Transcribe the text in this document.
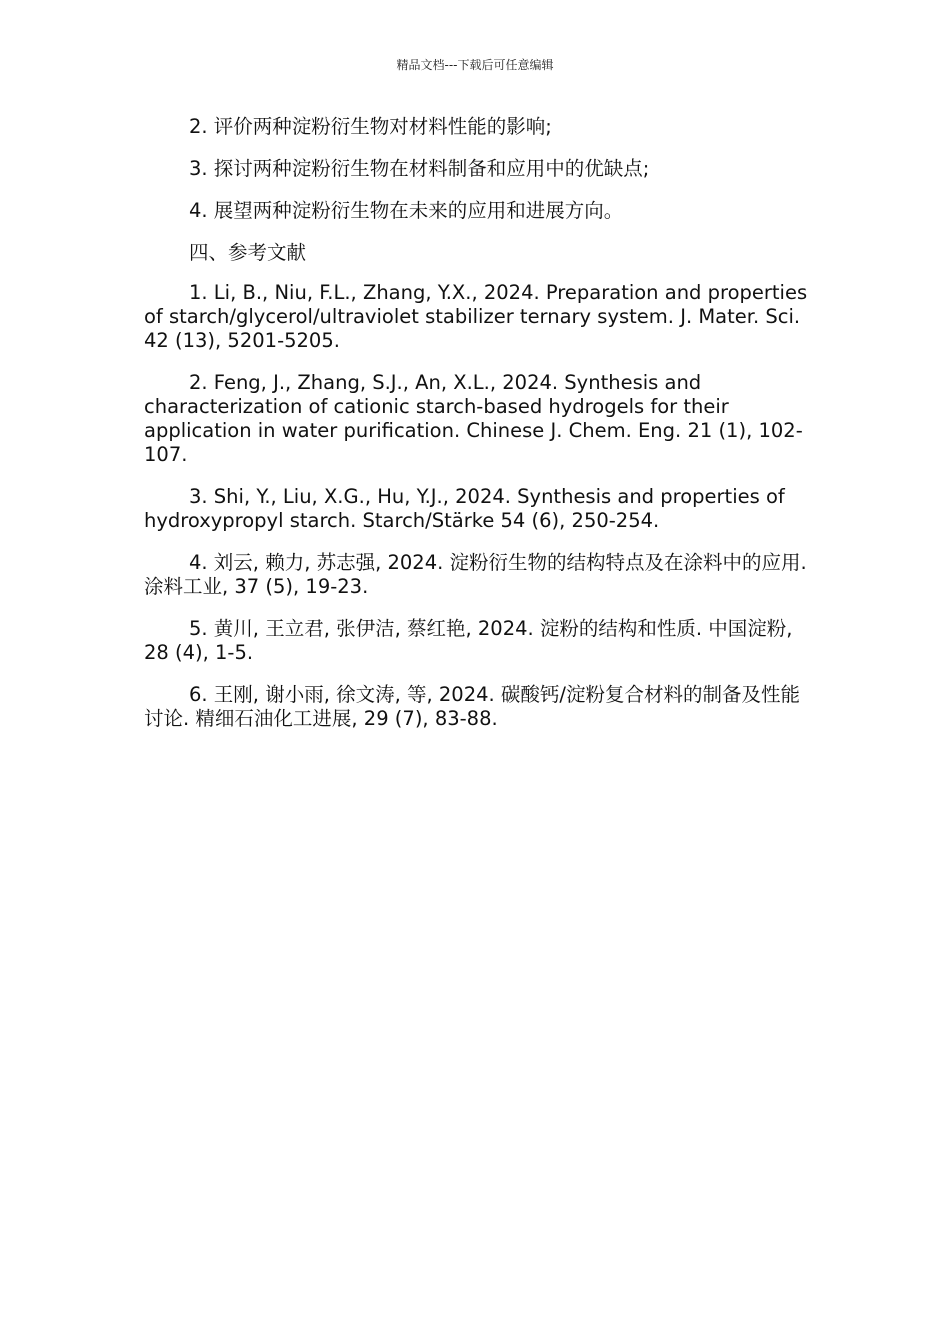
精品文档---下载后可任意编辑

2. 评价两种淀粉衍生物对材料性能的影响;

3. 探讨两种淀粉衍生物在材料制备和应用中的优缺点;

4. 展望两种淀粉衍生物在未来的应用和进展方向。

四、参考文献

1. Li, B., Niu, F.L., Zhang, Y.X., 2024. Preparation and properties of starch/glycerol/ultraviolet stabilizer ternary system. J. Mater. Sci. 42 (13), 5201-5205.

2. Feng, J., Zhang, S.J., An, X.L., 2024. Synthesis and characterization of cationic starch-based hydrogels for their application in water purification. Chinese J. Chem. Eng. 21 (1), 102-107.

3. Shi, Y., Liu, X.G., Hu, Y.J., 2024. Synthesis and properties of hydroxypropyl starch. Starch/Stärke 54 (6), 250-254.

4. 刘云, 赖力, 苏志强, 2024. 淀粉衍生物的结构特点及在涂料中的应用. 涂料工业, 37 (5), 19-23.

5. 黄川, 王立君, 张伊洁, 蔡红艳, 2024. 淀粉的结构和性质. 中国淀粉, 28 (4), 1-5.

6. 王刚, 谢小雨, 徐文涛, 等, 2024. 碳酸钙/淀粉复合材料的制备及性能讨论. 精细石油化工进展, 29 (7), 83-88.
